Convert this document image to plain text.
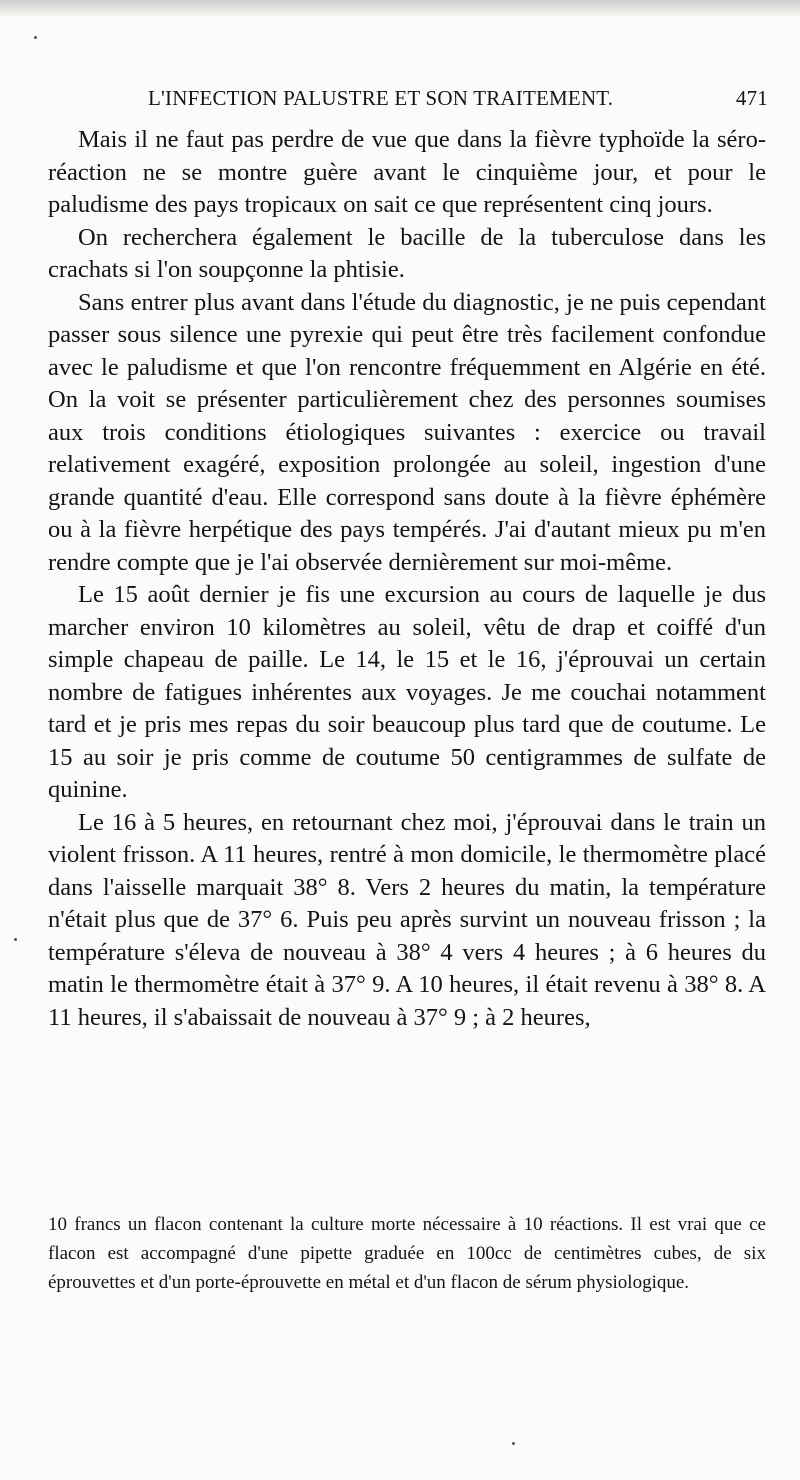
L'INFECTION PALUSTRE ET SON TRAITEMENT.	471

Mais il ne faut pas perdre de vue que dans la fièvre typhoïde la séro-réaction ne se montre guère avant le cinquième jour, et pour le paludisme des pays tropicaux on sait ce que représentent cinq jours.

On recherchera également le bacille de la tuberculose dans les crachats si l'on soupçonne la phtisie.

Sans entrer plus avant dans l'étude du diagnostic, je ne puis cependant passer sous silence une pyrexie qui peut être très facilement confondue avec le paludisme et que l'on rencontre fréquemment en Algérie en été. On la voit se présenter particulièrement chez des personnes soumises aux trois conditions étiologiques suivantes : exercice ou travail relativement exagéré, exposition prolongée au soleil, ingestion d'une grande quantité d'eau. Elle correspond sans doute à la fièvre éphémère ou à la fièvre herpétique des pays tempérés. J'ai d'autant mieux pu m'en rendre compte que je l'ai observée dernièrement sur moi-même.

Le 15 août dernier je fis une excursion au cours de laquelle je dus marcher environ 10 kilomètres au soleil, vêtu de drap et coiffé d'un simple chapeau de paille. Le 14, le 15 et le 16, j'éprouvai un certain nombre de fatigues inhérentes aux voyages. Je me couchai notamment tard et je pris mes repas du soir beaucoup plus tard que de coutume. Le 15 au soir je pris comme de coutume 50 centigrammes de sulfate de quinine.

Le 16 à 5 heures, en retournant chez moi, j'éprouvai dans le train un violent frisson. A 11 heures, rentré à mon domicile, le thermomètre placé dans l'aisselle marquait 38° 8. Vers 2 heures du matin, la température n'était plus que de 37° 6. Puis peu après survint un nouveau frisson ; la température s'éleva de nouveau à 38° 4 vers 4 heures ; à 6 heures du matin le thermomètre était à 37° 9. A 10 heures, il était revenu à 38° 8. A 11 heures, il s'abaissait de nouveau à 37° 9 ; à 2 heures,

10 francs un flacon contenant la culture morte nécessaire à 10 réactions. Il est vrai que ce flacon est accompagné d'une pipette graduée en 100cc de centimètres cubes, de six éprouvettes et d'un porte-éprouvette en métal et d'un flacon de sérum physiologique.
